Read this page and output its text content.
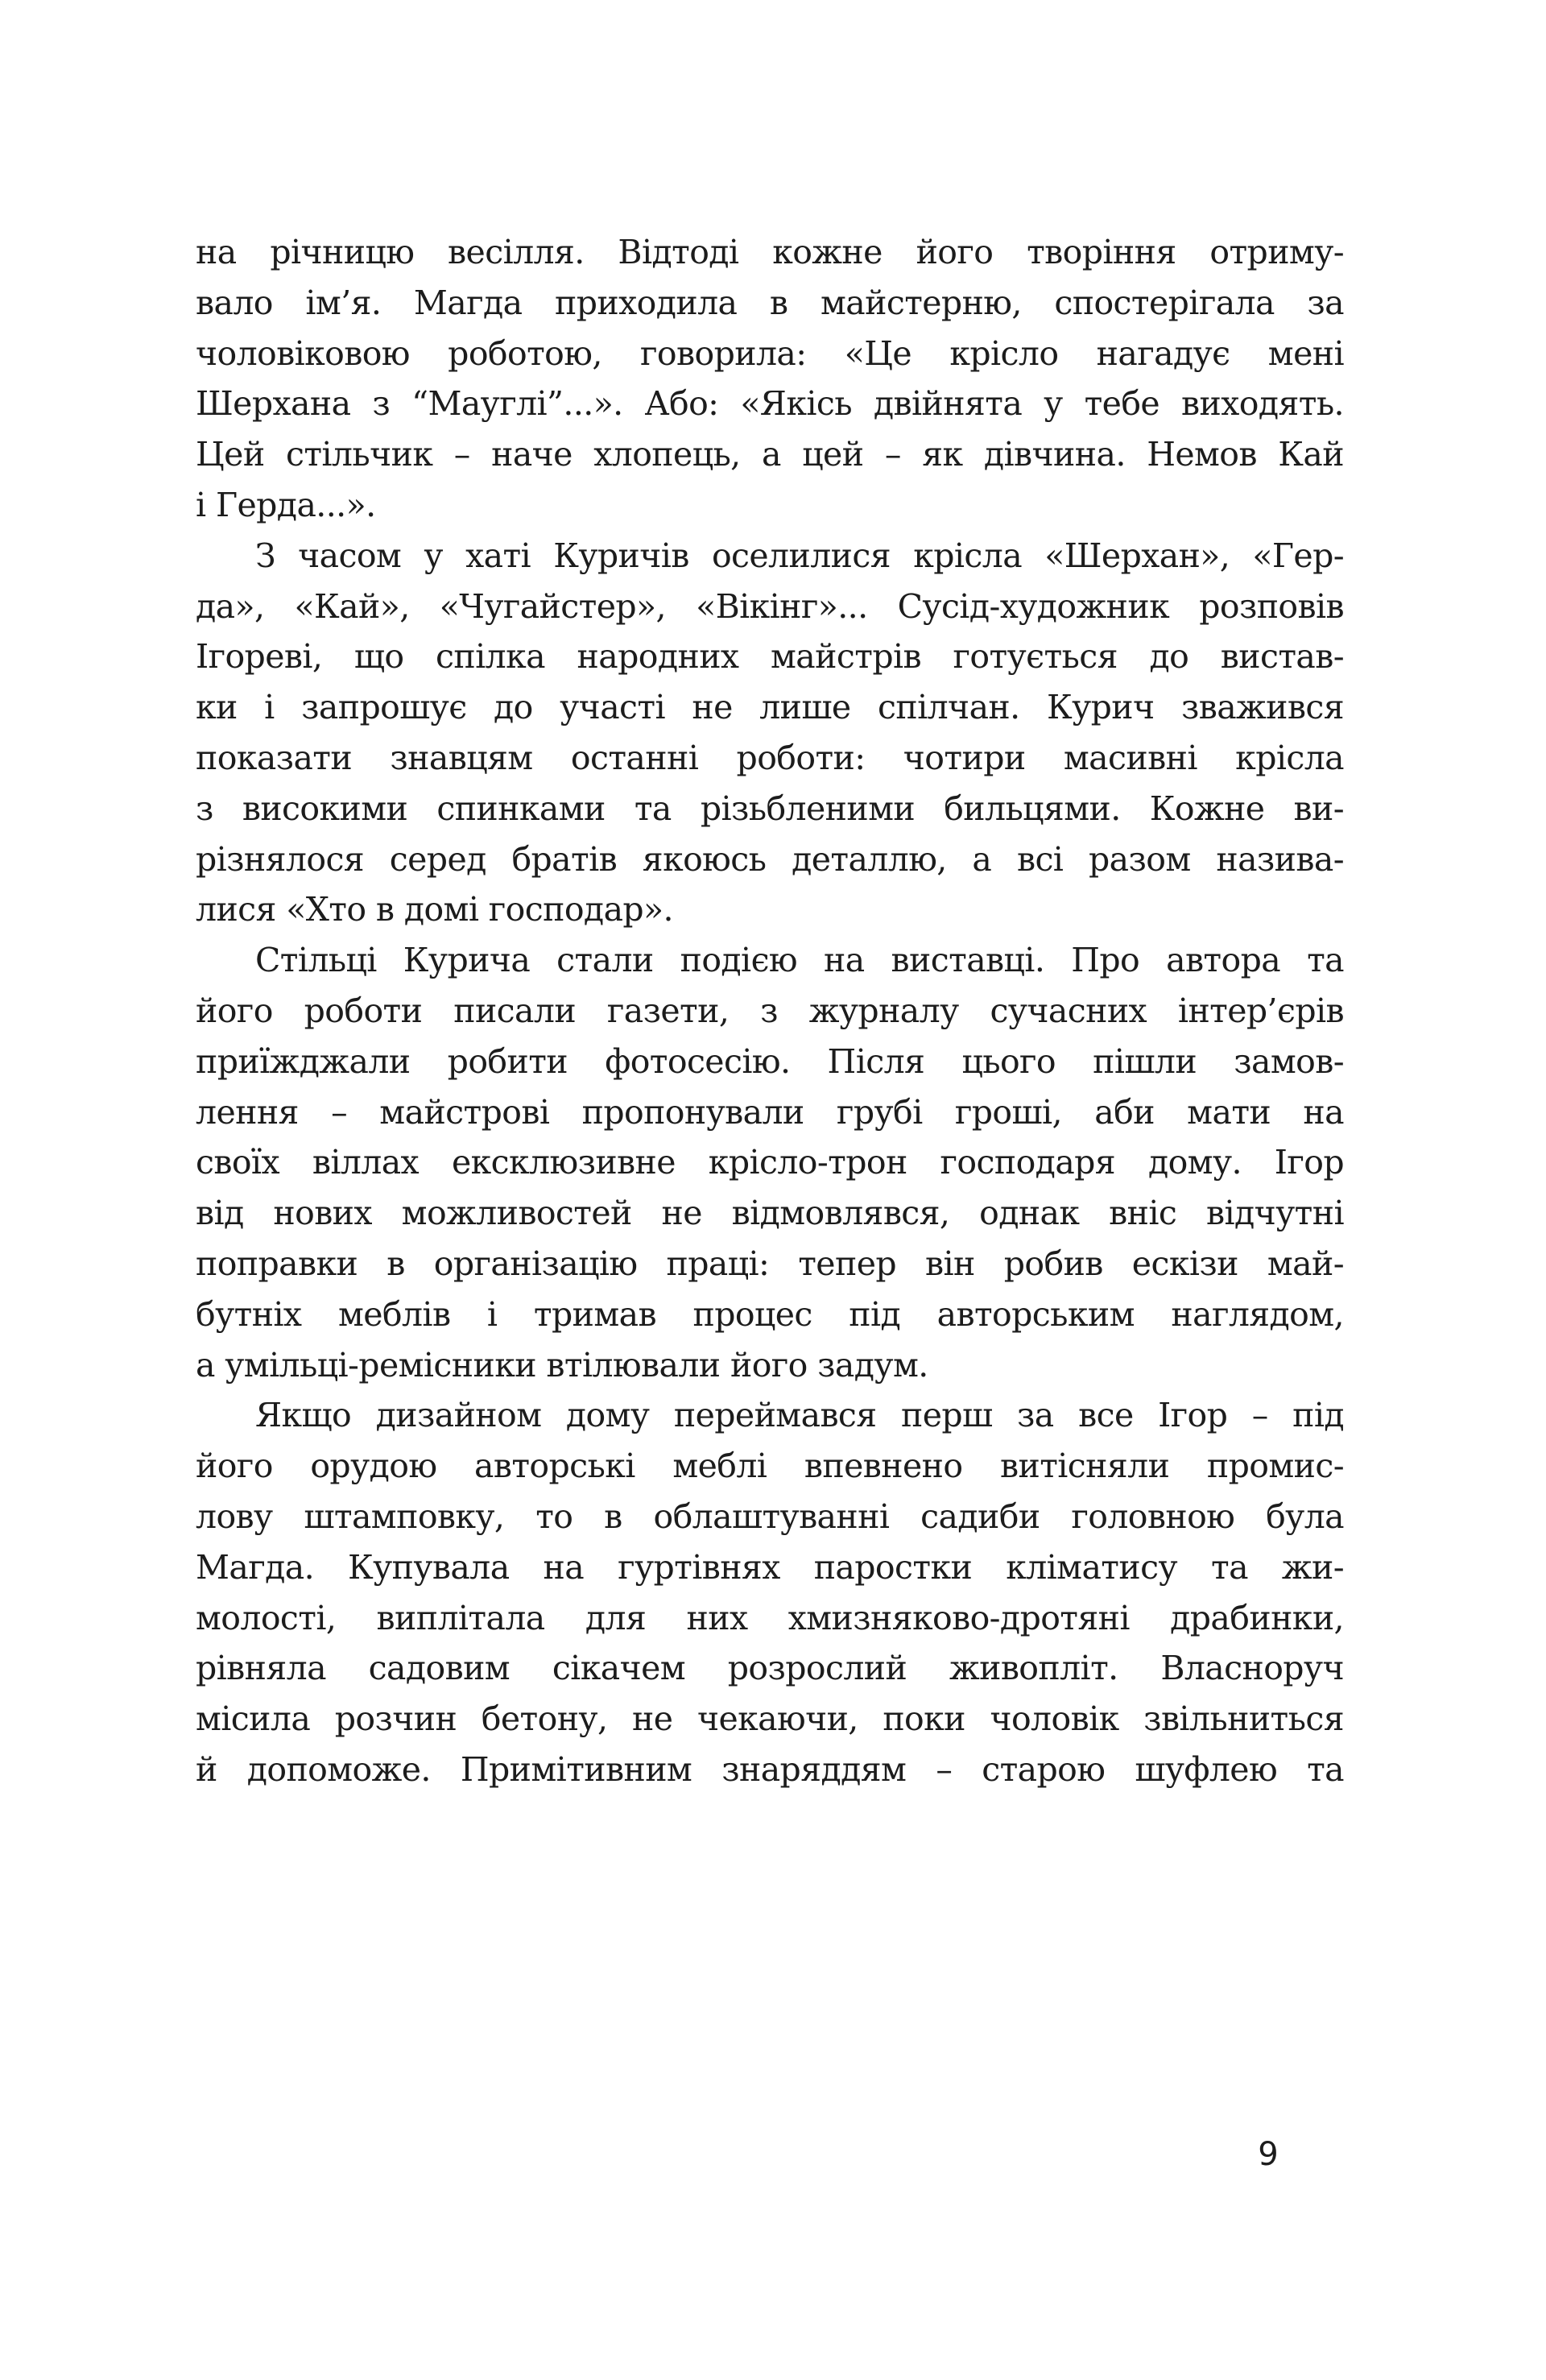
на річницю весілля. Відтоді кожне його творіння отриму-
вало ім’я. Магда приходила в майстерню, спостерігала за
чоловіковою роботою, говорила: «Це крісло нагадує мені
Шерхана з “Мауглі”...». Або: «Якісь двійнята у тебе виходять.
Цей стільчик – наче хлопець, а цей – як дівчина. Немов Кай
і Герда...».
З часом у хаті Куричів оселилися крісла «Шерхан», «Гер-
да», «Кай», «Чугайстер», «Вікінг»... Сусід-художник розповів
Ігореві, що спілка народних майстрів готується до вистав-
ки і запрошує до участі не лише спілчан. Курич зважився
показати знавцям останні роботи: чотири масивні крісла
з високими спинками та різьбленими бильцями. Кожне ви-
різнялося серед братів якоюсь деталлю, а всі разом назива-
лися «Хто в домі господар».
Стільці Курича стали подією на виставці. Про автора та
його роботи писали газети, з журналу сучасних інтер’єрів
приїжджали робити фотосесію. Після цього пішли замов-
лення – майстрові пропонували грубі гроші, аби мати на
своїх віллах ексклюзивне крісло-трон господаря дому. Ігор
від нових можливостей не відмовлявся, однак вніс відчутні
поправки в організацію праці: тепер він робив ескізи май-
бутніх меблів і тримав процес під авторським наглядом,
а умільці-ремісники втілювали його задум.
Якщо дизайном дому переймався перш за все Ігор – під
його орудою авторські меблі впевнено витісняли промис-
лову штамповку, то в облаштуванні садиби головною була
Магда. Купувала на гуртівнях паростки кліматису та жи-
молості, виплітала для них хмизняково-дротяні драбинки,
рівняла садовим сікачем розрослий живопліт. Власноруч
місила розчин бетону, не чекаючи, поки чоловік звільниться
й допоможе. Примітивним знаряддям – старою шуфлею та
9
